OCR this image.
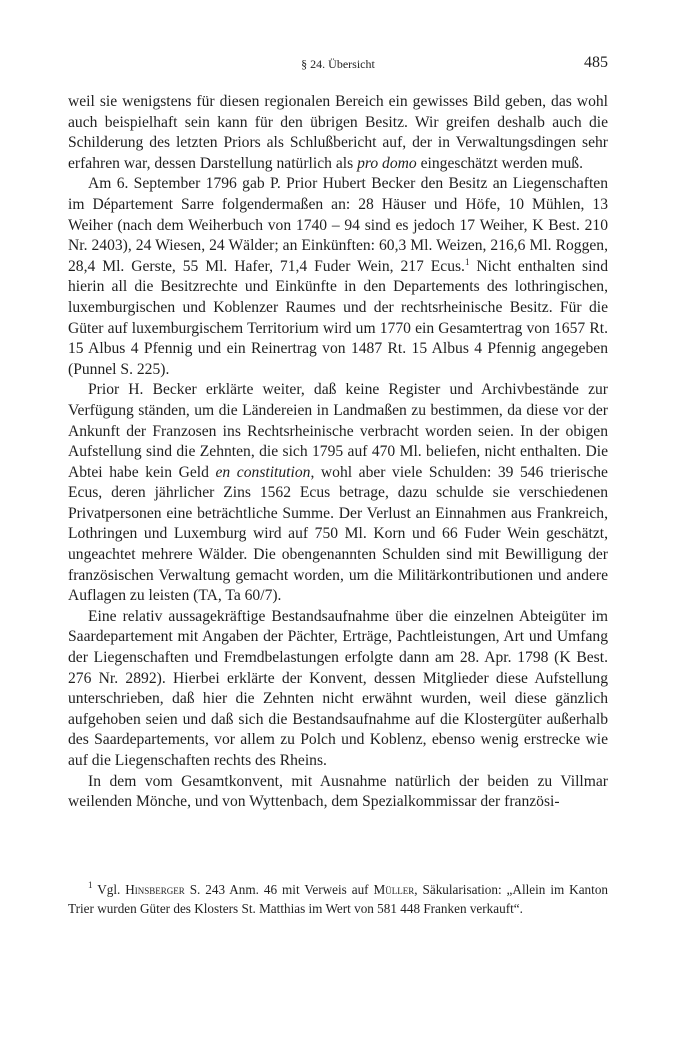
§ 24. Übersicht	485

weil sie wenigstens für diesen regionalen Bereich ein gewisses Bild geben, das wohl auch beispielhaft sein kann für den übrigen Besitz. Wir greifen deshalb auch die Schilderung des letzten Priors als Schlußbericht auf, der in Verwaltungsdingen sehr erfahren war, dessen Darstellung natürlich als pro domo eingeschätzt werden muß.

Am 6. September 1796 gab P. Prior Hubert Becker den Besitz an Liegenschaften im Département Sarre folgendermaßen an: 28 Häuser und Höfe, 10 Mühlen, 13 Weiher (nach dem Weiherbuch von 1740 – 94 sind es jedoch 17 Weiher, K Best. 210 Nr. 2403), 24 Wiesen, 24 Wälder; an Einkünften: 60,3 Ml. Weizen, 216,6 Ml. Roggen, 28,4 Ml. Gerste, 55 Ml. Hafer, 71,4 Fuder Wein, 217 Ecus.$^1$ Nicht enthalten sind hierin all die Besitzrechte und Einkünfte in den Departements des lothringischen, luxemburgischen und Koblenzer Raumes und der rechtsrheinische Besitz. Für die Güter auf luxemburgischem Territorium wird um 1770 ein Gesamtertrag von 1657 Rt. 15 Albus 4 Pfennig und ein Reinertrag von 1487 Rt. 15 Albus 4 Pfennig angegeben (Punnel S. 225).

Prior H. Becker erklärte weiter, daß keine Register und Archivbestände zur Verfügung ständen, um die Ländereien in Landmaßen zu bestimmen, da diese vor der Ankunft der Franzosen ins Rechtsrheinische verbracht worden seien. In der obigen Aufstellung sind die Zehnten, die sich 1795 auf 470 Ml. beliefen, nicht enthalten. Die Abtei habe kein Geld en constitution, wohl aber viele Schulden: 39 546 trierische Ecus, deren jährlicher Zins 1562 Ecus betrage, dazu schulde sie verschiedenen Privatpersonen eine beträchtliche Summe. Der Verlust an Einnahmen aus Frankreich, Lothringen und Luxemburg wird auf 750 Ml. Korn und 66 Fuder Wein geschätzt, ungeachtet mehrere Wälder. Die obengenannten Schulden sind mit Bewilligung der französischen Verwaltung gemacht worden, um die Militärkontributionen und andere Auflagen zu leisten (TA, Ta 60/7).

Eine relativ aussagekräftige Bestandsaufnahme über die einzelnen Abteigüter im Saardepartement mit Angaben der Pächter, Erträge, Pachtleistungen, Art und Umfang der Liegenschaften und Fremdbelastungen erfolgte dann am 28. Apr. 1798 (K Best. 276 Nr. 2892). Hierbei erklärte der Konvent, dessen Mitglieder diese Aufstellung unterschrieben, daß hier die Zehnten nicht erwähnt wurden, weil diese gänzlich aufgehoben seien und daß sich die Bestandsaufnahme auf die Klostergüter außerhalb des Saardepartements, vor allem zu Polch und Koblenz, ebenso wenig erstrecke wie auf die Liegenschaften rechts des Rheins.

In dem vom Gesamtkonvent, mit Ausnahme natürlich der beiden zu Villmar weilenden Mönche, und von Wyttenbach, dem Spezialkommissar der französi-

$^1$ Vgl. Hinsberger S. 243 Anm. 46 mit Verweis auf Müller, Säkularisation: „Allein im Kanton Trier wurden Güter des Klosters St. Matthias im Wert von 581 448 Franken verkauft“.
